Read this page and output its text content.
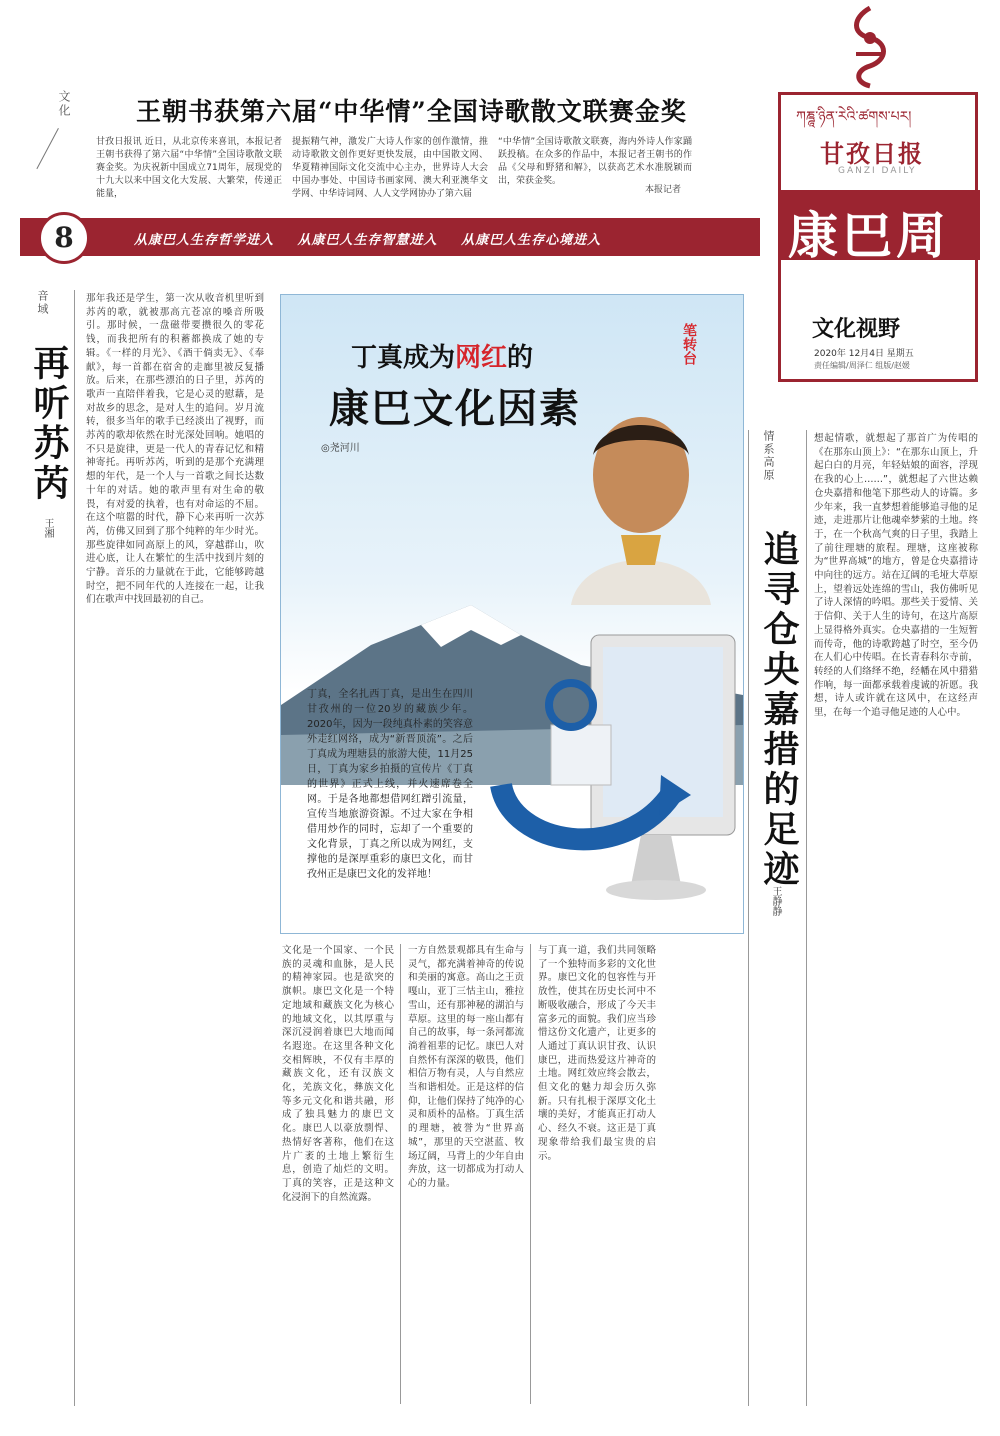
文化	王朝书获第六届“中华情”全国诗歌散文联赛金奖
甘孜日报讯 近日，从北京传来喜讯，本报记者王朝书获得了第六届“中华情”全国诗歌散文联赛金奖。为庆祝新中国成立71周年，展现党的十九大以来中国文化大发展、大繁荣，传递正能量，
提振精气神，激发广大诗人作家的创作激情，推动诗歌散文创作更好更快发展，由中国散文网、华夏精神国际文化交流中心主办，世界诗人大会中国办事处、中国诗书画家网、澳大利亚澳华文学网、中华诗词网、人人文学网协办了第六届
“中华情”全国诗歌散文联赛，海内外诗人作家踊跃投稿。在众多的作品中，本报记者王朝书的作品《父母和野猪和解》，以获高艺术水准脱颖而出，荣获金奖。
本报记者
从康巴人生存哲学进入 从康巴人生存智慧进入 从康巴人生存心境进入
8
ཀཎྜཱ་ཉིན་རེའི་ཚགས་པར།
甘孜日报
GANZI DAILY
康巴周末
文化视野
2020年 12月4日 星期五
责任编辑/周泽仁 组版/赵媛
音域
再听苏芮
王湘
那年我还是学生，第一次从收音机里听到苏芮的歌，就被那高亢苍凉的嗓音所吸引。那时候，一盘磁带要攒很久的零花钱，而我把所有的积蓄都换成了她的专辑。《一样的月光》、《酒干倘卖无》、《奉献》，每一首都在宿舍的走廊里被反复播放。后来，在那些漂泊的日子里，苏芮的歌声一直陪伴着我，它是心灵的慰藉，是对故乡的思念，是对人生的追问。岁月流转，很多当年的歌手已经淡出了视野，而苏芮的歌却依然在时光深处回响。她唱的不只是旋律，更是一代人的青春记忆和精神寄托。再听苏芮，听到的是那个充满理想的年代，是一个人与一首歌之间长达数十年的对话。她的歌声里有对生命的敬畏，有对爱的执着，也有对命运的不屈。在这个喧嚣的时代，静下心来再听一次苏芮，仿佛又回到了那个纯粹的年少时光。那些旋律如同高原上的风，穿越群山，吹进心底，让人在繁忙的生活中找到片刻的宁静。音乐的力量就在于此，它能够跨越时空，把不同年代的人连接在一起，让我们在歌声中找回最初的自己。
笔转台
丁真成为网红的
康巴文化因素
◎尧河川
丁真，全名扎西丁真，是出生在四川甘孜州的一位20岁的藏族少年。2020年，因为一段纯真朴素的笑容意外走红网络，成为“新晋顶流”。之后丁真成为理塘县的旅游大使，11月25日，丁真为家乡拍摄的宣传片《丁真的世界》正式上线，并火速席卷全网。于是各地都想借网红蹭引流量，宣传当地旅游资源。不过大家在争相借用炒作的同时，忘却了一个重要的文化背景，丁真之所以成为网红，支撑他的是深厚重彩的康巴文化，而甘孜州正是康巴文化的发祥地！
文化是一个国家、一个民族的灵魂和血脉，是人民的精神家园。也是欲突的旗帜。康巴文化是一个特定地域和藏族文化为核心的地域文化，以其厚重与深沉浸润着康巴大地而闻名遐迩。在这里各种文化交相辉映，不仅有丰厚的藏族文化，还有汉族文化，羌族文化，彝族文化等多元文化和谐共融，形成了独具魅力的康巴文化。康巴人以豪放剽悍、热情好客著称，他们在这片广袤的土地上繁衍生息，创造了灿烂的文明。丁真的笑容，正是这种文化浸润下的自然流露。
一方自然景观都具有生命与灵气，都充满着神奇的传说和美丽的寓意。高山之王贡嘎山，亚丁三怙主山，雅拉雪山，还有那神秘的湖泊与草原。这里的每一座山都有自己的故事，每一条河都流淌着祖辈的记忆。康巴人对自然怀有深深的敬畏，他们相信万物有灵，人与自然应当和谐相处。正是这样的信仰，让他们保持了纯净的心灵和质朴的品格。丁真生活的理塘，被誉为“世界高城”，那里的天空湛蓝、牧场辽阔，马背上的少年自由奔放，这一切都成为打动人心的力量。
与丁真一道，我们共同领略了一个独特而多彩的文化世界。康巴文化的包容性与开放性，使其在历史长河中不断吸收融合，形成了今天丰富多元的面貌。我们应当珍惜这份文化遗产，让更多的人通过丁真认识甘孜、认识康巴，进而热爱这片神奇的土地。网红效应终会散去，但文化的魅力却会历久弥新。只有扎根于深厚文化土壤的美好，才能真正打动人心、经久不衰。这正是丁真现象带给我们最宝贵的启示。
情系高原
追寻仓央嘉措的足迹
王静静
想起情歌，就想起了那首广为传唱的《在那东山顶上》：“在那东山顶上，升起白白的月亮，年轻姑娘的面容，浮现在我的心上……”，就想起了六世达赖仓央嘉措和他笔下那些动人的诗篇。多少年来，我一直梦想着能够追寻他的足迹，走进那片让他魂牵梦萦的土地。终于，在一个秋高气爽的日子里，我踏上了前往理塘的旅程。理塘，这座被称为“世界高城”的地方，曾是仓央嘉措诗中向往的远方。站在辽阔的毛垭大草原上，望着远处连绵的雪山，我仿佛听见了诗人深情的吟唱。那些关于爱情、关于信仰、关于人生的诗句，在这片高原上显得格外真实。仓央嘉措的一生短暂而传奇，他的诗歌跨越了时空，至今仍在人们心中传唱。在长青春科尔寺前，转经的人们络绎不绝，经幡在风中猎猎作响，每一面都承载着虔诚的祈愿。我想，诗人或许就在这风中，在这经声里，在每一个追寻他足迹的人心中。
